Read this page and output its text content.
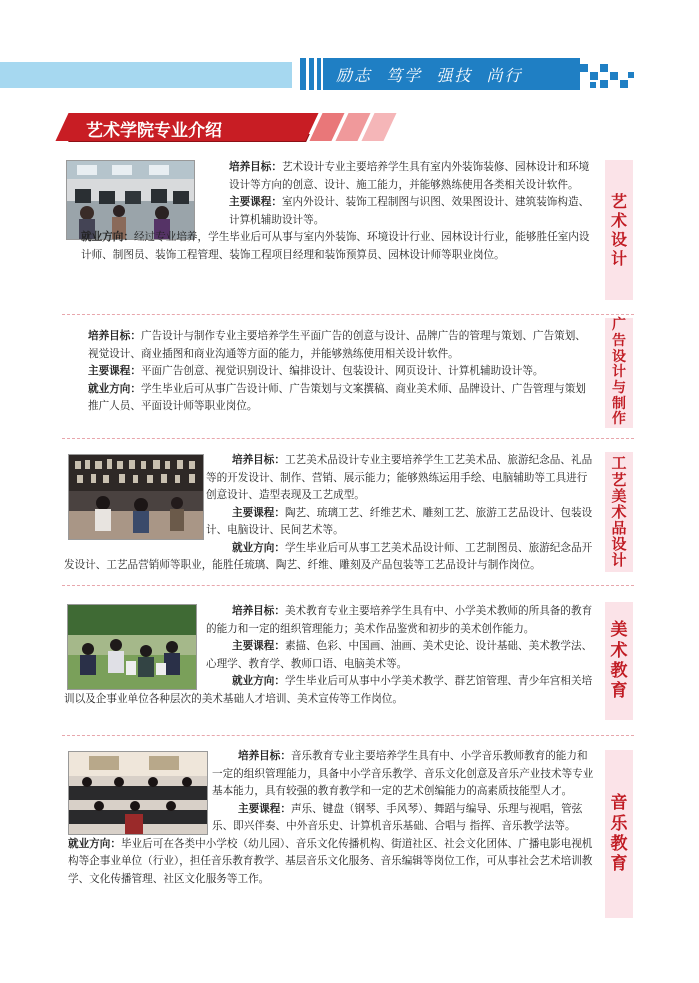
励志  笃学  强技  尚行
艺术学院专业介绍

培养目标：艺术设计专业主要培养学生具有室内外装饰装修、园林设计和环境设计等方向的创意、设计、施工能力，并能够熟练使用各类相关设计软件。

主要课程：室内外设计、装饰工程制图与识图、效果图设计、建筑装饰构造、计算机辅助设计等。

就业方向：经过专业培养，学生毕业后可从事与室内外装饰、环境设计行业、园林设计行业，能够胜任室内设计师、制图员、装饰工程管理、装饰工程项目经理和装饰预算员、园林设计师等职业岗位。

艺术设计

培养目标：广告设计与制作专业主要培养学生平面广告的创意与设计、品牌广告的管理与策划、广告策划、视觉设计、商业插图和商业沟通等方面的能力，并能够熟练使用相关设计软件。

主要课程：平面广告创意、视觉识别设计、编排设计、包装设计、网页设计、计算机辅助设计等。

就业方向：学生毕业后可从事广告设计师、广告策划与文案撰稿、商业美术师、品牌设计、广告管理与策划推广人员、平面设计师等职业岗位。

广告设计与制作

培养目标：工艺美术品设计专业主要培养学生工艺美术品、旅游纪念品、礼品等的开发设计、制作、营销、展示能力；能够熟练运用手绘、电脑辅助等工具进行创意设计、造型表现及工艺成型。

主要课程：陶艺、琉璃工艺、纤维艺术、雕刻工艺、旅游工艺品设计、包装设计、电脑设计、民间艺术等。

就业方向：学生毕业后可从事工艺美术品设计师、工艺制图员、旅游纪念品开发设计、工艺品营销师等职业，能胜任琉璃、陶艺、纤维、雕刻及产品包装等工艺品设计与制作岗位。

工艺美术品设计

培养目标：美术教育专业主要培养学生具有中、小学美术教师的所具备的教育的能力和一定的组织管理能力；美术作品鉴赏和初步的美术创作能力。

主要课程：素描、色彩、中国画、油画、美术史论、设计基础、美术教学法、心理学、教育学、教师口语、电脑美术等。

就业方向：学生毕业后可从事中小学美术教学、群艺馆管理、青少年宫相关培训以及企事业单位各种层次的美术基础人才培训、美术宣传等工作岗位。

美术教育

培养目标：音乐教育专业主要培养学生具有中、小学音乐教师教育的能力和一定的组织管理能力，具备中小学音乐教学、音乐文化创意及音乐产业技术等专业基本能力，具有较强的教育教学和一定的艺术创编能力的高素质技能型人才。

主要课程：声乐、键盘（钢琴、手风琴）、舞蹈与编导、乐理与视唱，管弦乐、即兴伴奏、中外音乐史、计算机音乐基础、合唱与 指挥、音乐教学法等。

就业方向：毕业后可在各类中小学校（幼儿园）、音乐文化传播机构、街道社区、社会文化团体、广播电影电视机构等企事业单位（行业），担任音乐教育教学、基层音乐文化服务、音乐编辑等岗位工作，可从事社会艺术培训教学、文化传播管理、社区文化服务等工作。

音乐教育
